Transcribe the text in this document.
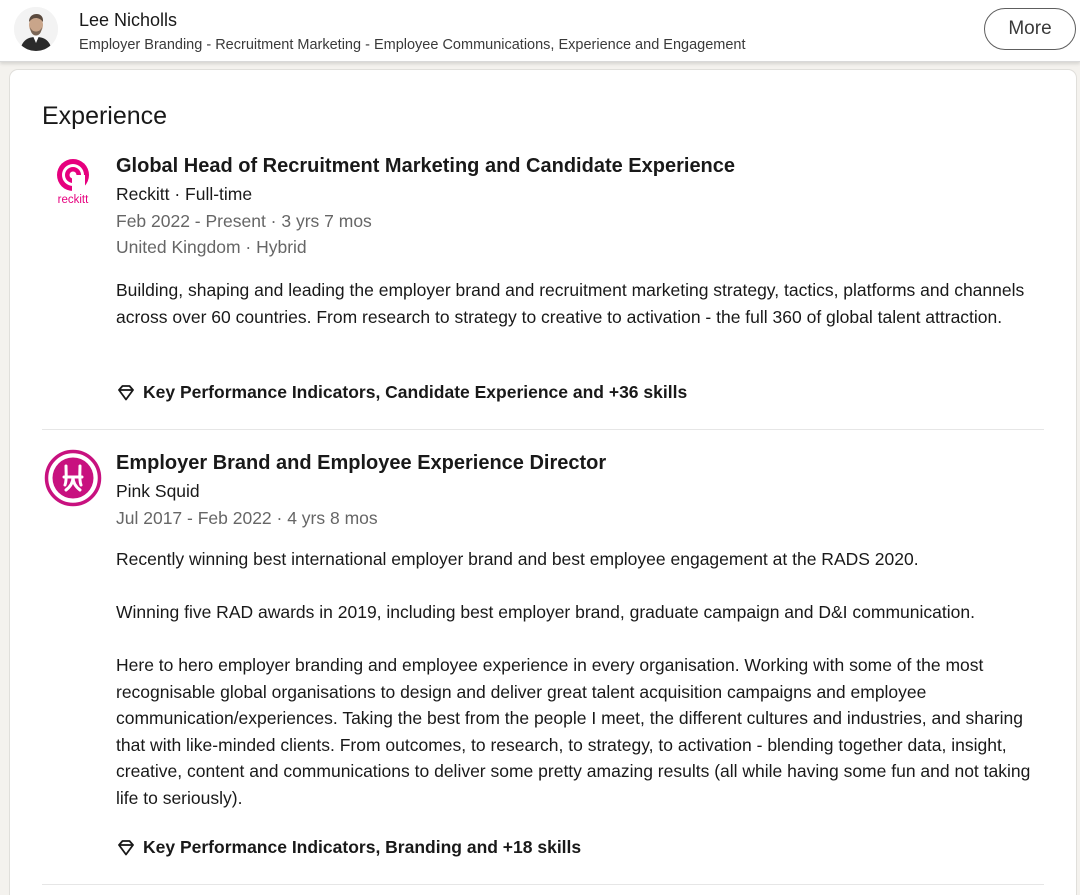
Lee Nicholls
Employer Branding - Recruitment Marketing - Employee Communications, Experience and Engagement
More
Experience
reckitt
Global Head of Recruitment Marketing and Candidate Experience
Reckitt · Full-time
Feb 2022 - Present · 3 yrs 7 mos
United Kingdom · Hybrid
Building, shaping and leading the employer brand and recruitment marketing strategy, tactics, platforms and channels across over 60 countries. From research to strategy to creative to activation - the full 360 of global talent attraction.
Key Performance Indicators, Candidate Experience and +36 skills
Employer Brand and Employee Experience Director
Pink Squid
Jul 2017 - Feb 2022 · 4 yrs 8 mos
Recently winning best international employer brand and best employee engagement at the RADS 2020.
Winning five RAD awards in 2019, including best employer brand, graduate campaign and D&I communication.
Here to hero employer branding and employee experience in every organisation. Working with some of the most recognisable global organisations to design and deliver great talent acquisition campaigns and employee communication/experiences. Taking the best from the people I meet, the different cultures and industries, and sharing that with like-minded clients. From outcomes, to research, to strategy, to activation - blending together data, insight, creative, content and communications to deliver some pretty amazing results (all while having some fun and not taking life to seriously).
Key Performance Indicators, Branding and +18 skills
